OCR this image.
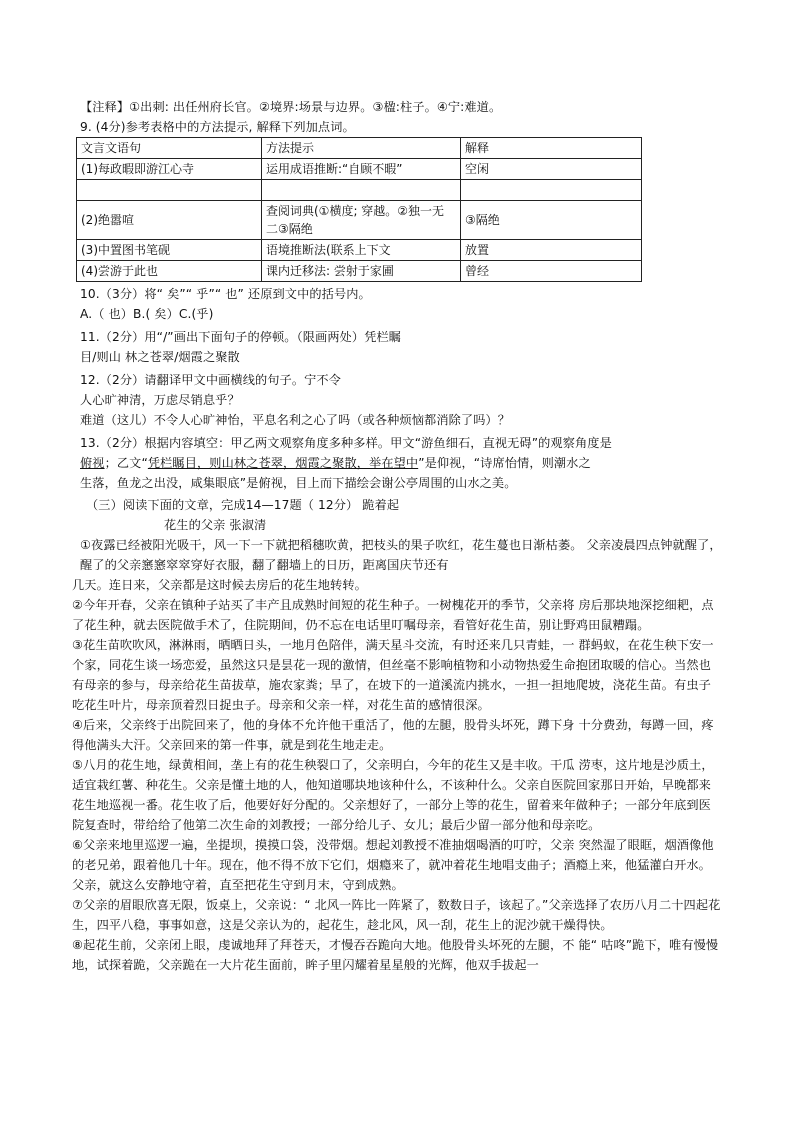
【注释】①出刺: 出任州府长官。②境界:场景与边界。③楹:柱子。④宁:难道。
9. (4分)参考表格中的方法提示, 解释下列加点词。
文言文语句	方法提示	解释
(1)每政暇即游江心寺	运用成语推断:“自顾不暇”	空闲

(2)绝嚣喧	查阅词典(①横度; 穿越。②独一无二③隔绝	③隔绝
(3)中置图书笔砚	语境推断法(联系上下文	放置
(4)尝游于此也	课内迁移法: 尝射于家圃	曾经
10.（3分）将“ 矣”“ 乎”“ 也” 还原到文中的括号内。
A.（ 也）B.( 矣）C.(乎)
11.（2分）用“/”画出下面句子的停顿。（限画两处）凭栏瞩
目/则山 林之苍翠/烟霞之聚散
12.（2分）请翻译甲文中画横线的句子。宁不令
人心旷神清，万虑尽销息乎？
难道（这儿）不令人心旷神怡，平息名利之心了吗（或各种烦恼都消除了吗）？
13.（2分）根据内容填空：甲乙两文观察角度多种多样。甲文“游鱼细石，直视无碍”的观察角度是
俯视；乙文“凭栏瞩目，则山林之苍翠，烟霞之聚散，举在望中”是仰视，“诗席怡情，则潮水之
生落，鱼龙之出没，咸集眼底”是俯视，目上而下描绘会谢公亭周围的山水之美。
（三）阅读下面的文章，完成14—17题（ 12分） 跪着起
花生的父亲 张淑清
①夜露已经被阳光吸干，风一下一下就把稻穗吹黄，把枝头的果子吹红，花生蔓也日渐枯萎。 父亲凌晨四点钟就醒了，醒了的父亲窸窸窣窣穿好衣服，翻了翻墙上的日历，距离国庆节还有
几天。连日来，父亲都是这时候去房后的花生地转转。
②今年开春，父亲在镇种子站买了丰产且成熟时间短的花生种子。一树槐花开的季节，父亲将 房后那块地深挖细耙，点了花生种，就去医院做手术了，住院期间，仍不忘在电话里叮嘱母亲，看管好花生苗，别让野鸡田鼠糟蹋。
③花生苗吹吹风，淋淋雨，晒晒日头，一地月色陪伴，满天星斗交流，有时还来几只青蛙，一 群蚂蚁，在花生秧下安一个家，同花生谈一场恋爱，虽然这只是昙花一现的激情，但丝毫不影响植物和小动物热爱生命抱团取暖的信心。当然也有母亲的参与，母亲给花生苗拔草，施农家粪；旱了，在坡下的一道溪流内挑水，一担一担地爬坡，浇花生苗。有虫子吃花生叶片，母亲顶着烈日捉虫子。母亲和父亲一样，对花生苗的感情很深。
④后来，父亲终于出院回来了，他的身体不允许他干重活了，他的左腿，股骨头坏死，蹲下身 十分费劲，每蹲一回，疼得他满头大汗。父亲回来的第一件事，就是到花生地走走。
⑤八月的花生地，绿黄相间，垄上有的花生秧裂口了，父亲明白，今年的花生又是丰收。干瓜 涝枣，这片地是沙质土，适宜栽红薯、种花生。父亲是懂土地的人，他知道哪块地该种什么，不该种什么。父亲自医院回家那日开始，早晚都来花生地巡视一番。花生收了后，他要好好分配的。父亲想好了，一部分上等的花生，留着来年做种子；一部分年底到医院复查时，带给给了他第二次生命的刘教授；一部分给儿子、女儿；最后少留一部分他和母亲吃。
⑥父亲来地里巡逻一遍，坐提坝，摸摸口袋，没带烟。想起刘教授不准抽烟喝酒的叮咛，父亲 突然湿了眼眶，烟酒像他的老兄弟，跟着他几十年。现在，他不得不放下它们，烟瘾来了，就冲着花生地唱支曲子；酒瘾上来，他猛灌白开水。父亲，就这么安静地守着，直至把花生守到月末，守到成熟。
⑦父亲的眉眼欣喜无限，饭桌上，父亲说：“ 北风一阵比一阵紧了，数数日子，该起了。”父亲选择了农历八月二十四起花生，四平八稳，事事如意，这是父亲认为的，起花生，趁北风，风一刮，花生上的泥沙就干燥得快。
⑧起花生前，父亲闭上眼，虔诚地拜了拜苍天，才慢吞吞跪向大地。他股骨头坏死的左腿，不 能“ 咕咚”跪下，唯有慢慢地，试探着跪，父亲跪在一大片花生面前，眸子里闪耀着星星般的光辉，他双手拔起一
